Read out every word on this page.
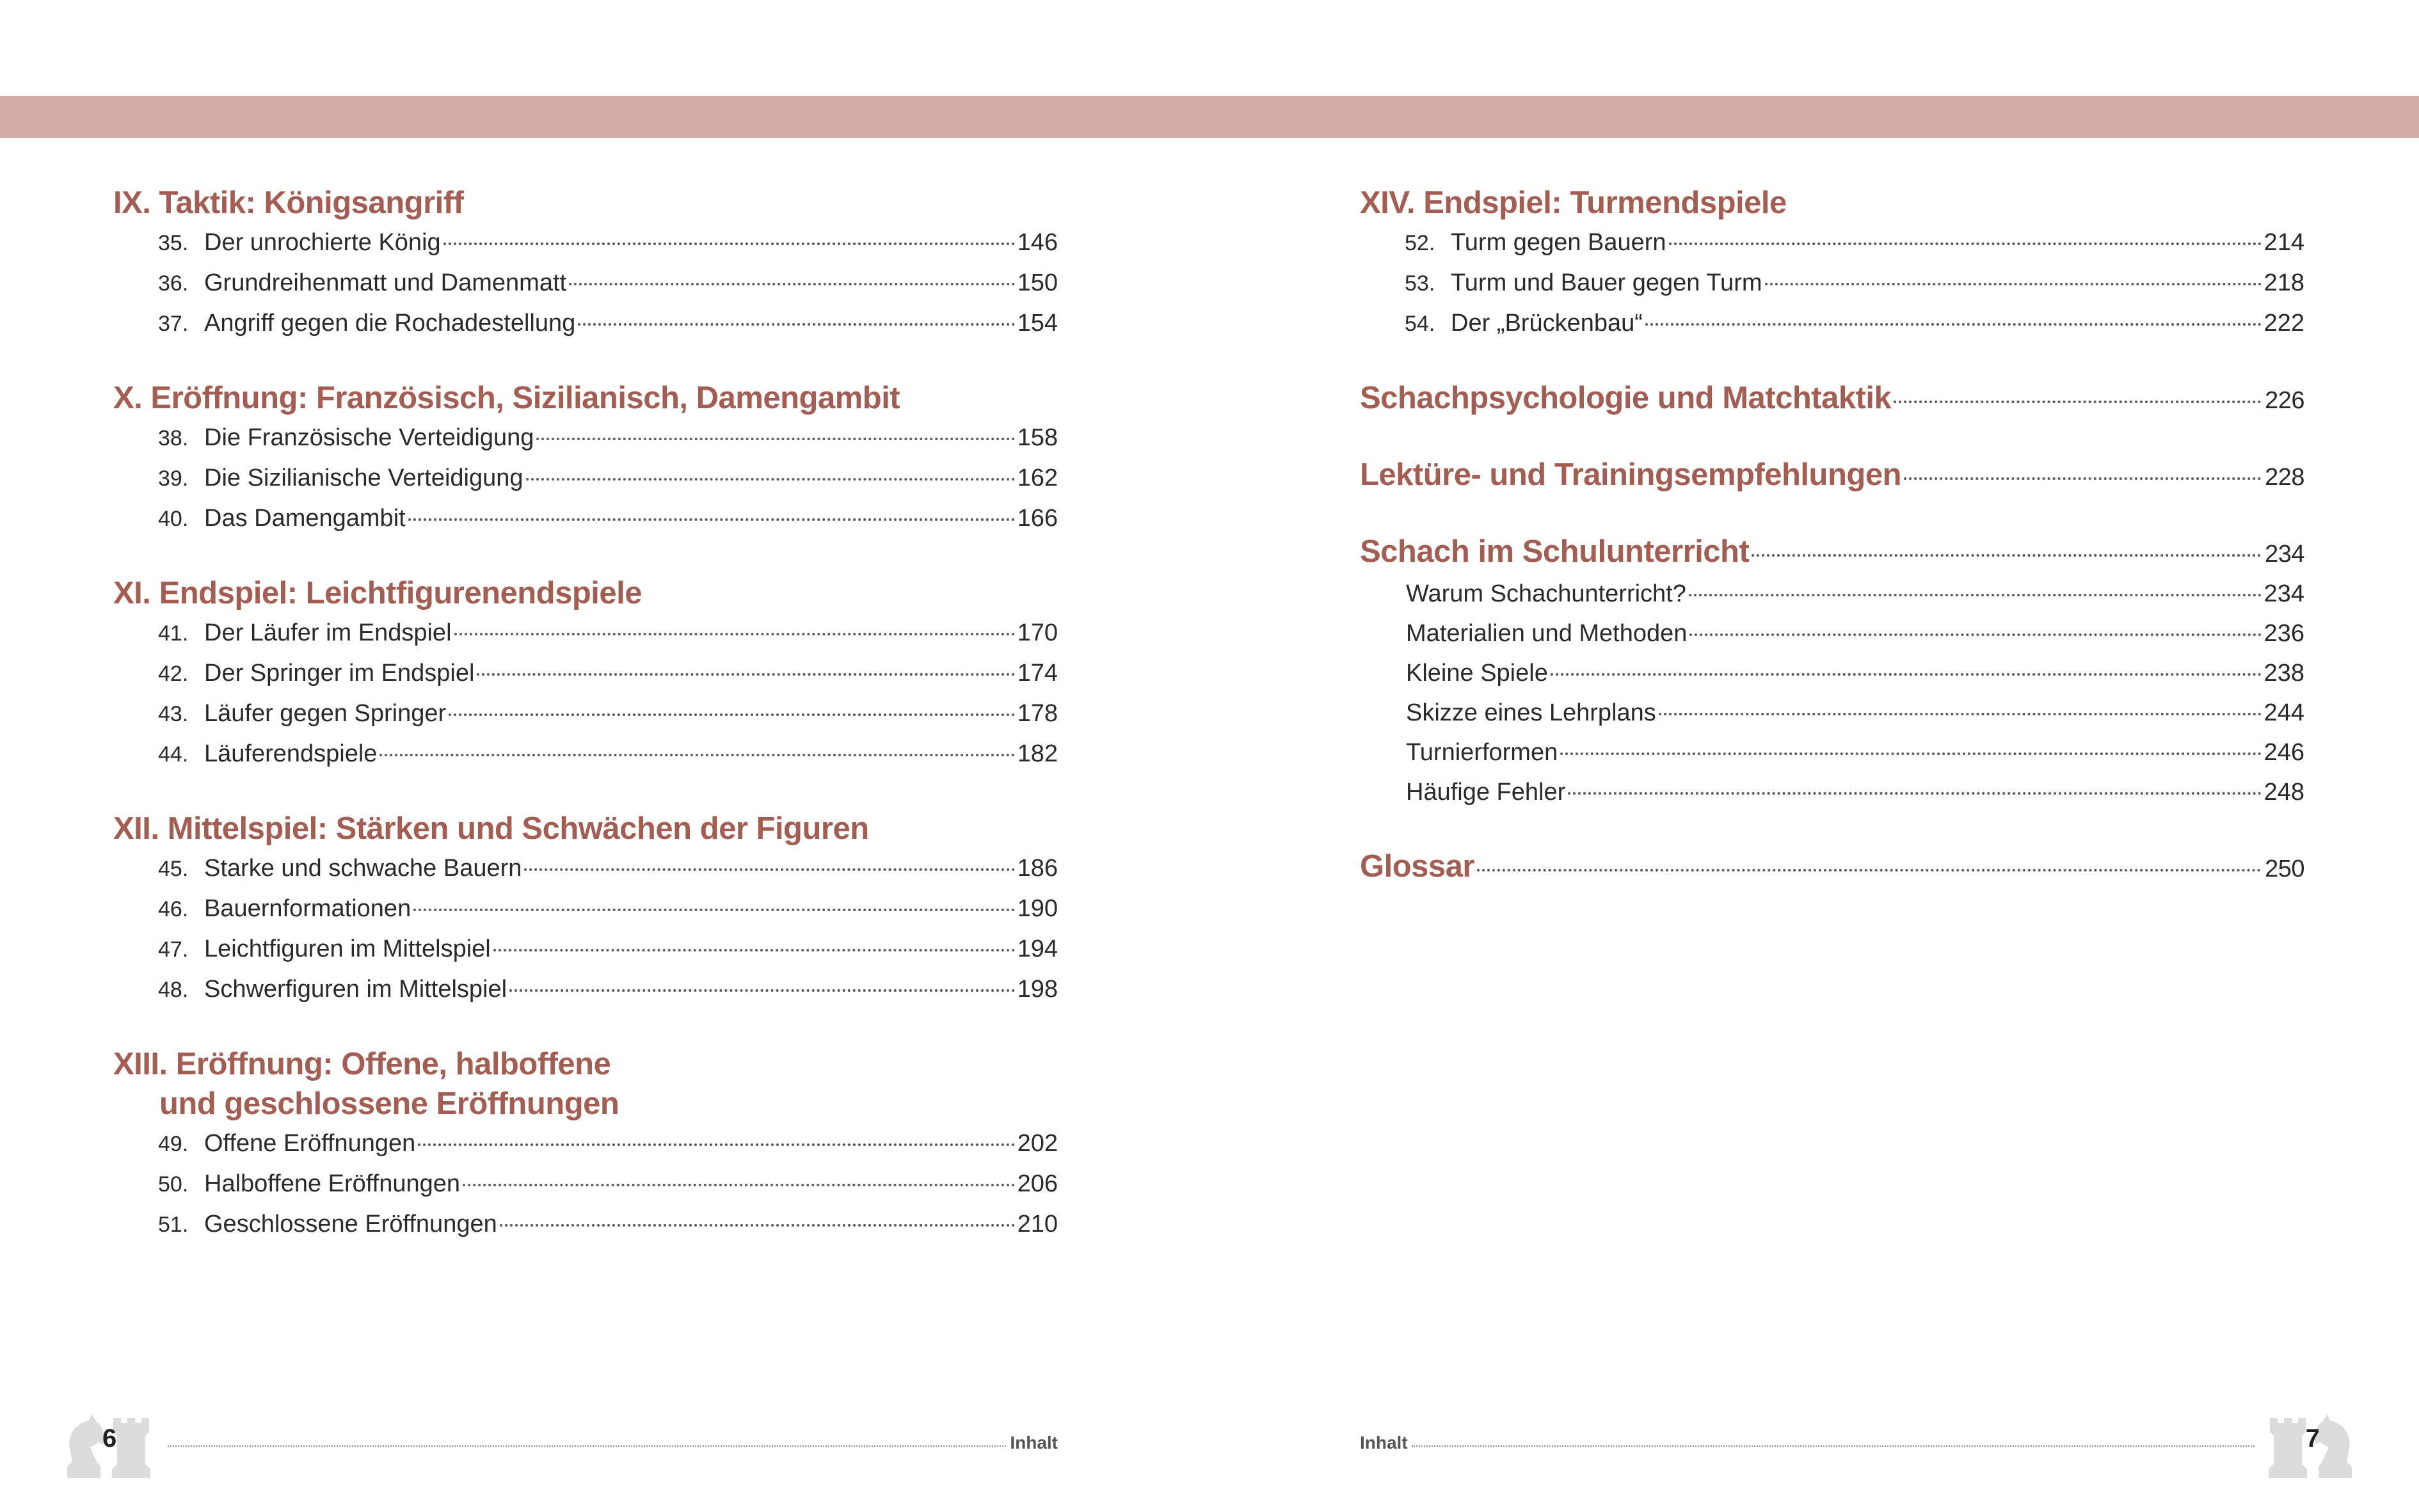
IX. Taktik: Königsangriff
35. Der unrochierte König	146
36. Grundreihenmatt und Damenmatt	150
37. Angriff gegen die Rochadestellung	154
X. Eröffnung: Französisch, Sizilianisch, Damengambit
38. Die Französische Verteidigung	158
39. Die Sizilianische Verteidigung	162
40. Das Damengambit	166
XI. Endspiel: Leichtfigurenendspiele
41. Der Läufer im Endspiel	170
42. Der Springer im Endspiel	174
43. Läufer gegen Springer	178
44. Läuferendspiele	182
XII. Mittelspiel: Stärken und Schwächen der Figuren
45. Starke und schwache Bauern	186
46. Bauernformationen	190
47. Leichtfiguren im Mittelspiel	194
48. Schwerfiguren im Mittelspiel	198
XIII. Eröffnung: Offene, halboffene
und geschlossene Eröffnungen
49. Offene Eröffnungen	202
50. Halboffene Eröffnungen	206
51. Geschlossene Eröffnungen	210
XIV. Endspiel: Turmendspiele
52. Turm gegen Bauern	214
53. Turm und Bauer gegen Turm	218
54. Der „Brückenbau“	222
Schachpsychologie und Matchtaktik	226
Lektüre- und Trainingsempfehlungen	228
Schach im Schulunterricht	234
Warum Schachunterricht?	234
Materialien und Methoden	236
Kleine Spiele	238
Skizze eines Lehrplans	244
Turnierformen	246
Häufige Fehler	248
Glossar	250
6	Inhalt	Inhalt	7
